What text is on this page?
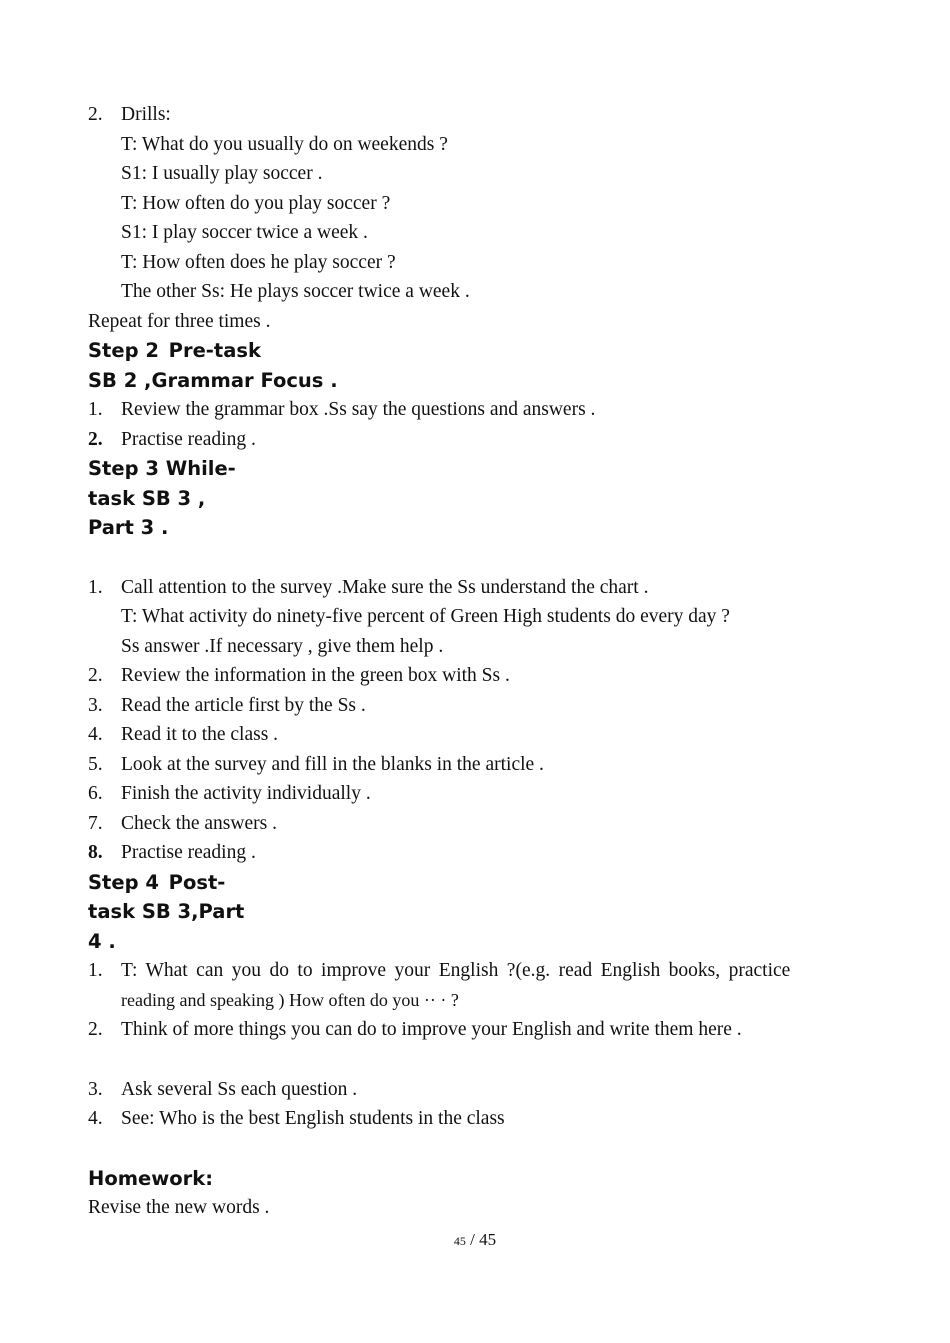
2. Drills:
T: What do you usually do on weekends ?
S1: I usually play soccer .
T: How often do you play soccer ?
S1: I play soccer twice a week .
T: How often does he play soccer ?
The other Ss: He plays soccer twice a week .
Repeat for three times .
Step 2 Pre-task
SB 2 ,Grammar Focus .
1. Review the grammar box .Ss say the questions and answers .
2. Practise reading .
Step 3 While-
task SB 3 ,
Part 3 .
1. Call attention to the survey .Make sure the Ss understand the chart .
T: What activity do ninety-five percent of Green High students do every day ?
Ss answer .If necessary , give them help .
2. Review the information in the green box with Ss .
3. Read the article first by the Ss .
4. Read it to the class .
5. Look at the survey and fill in the blanks in the article .
6. Finish the activity individually .
7. Check the answers .
8. Practise reading .
Step 4 Post-
task SB 3,Part
4 .
1. T: What can you do to improve your English ?(e.g. read English books, practice
reading and speaking ) How often do you ·· · ?
2. Think of more things you can do to improve your English and write them here .
3. Ask several Ss each question .
4. See: Who is the best English students in the class
Homework:
Revise the new words .
45 / 45
